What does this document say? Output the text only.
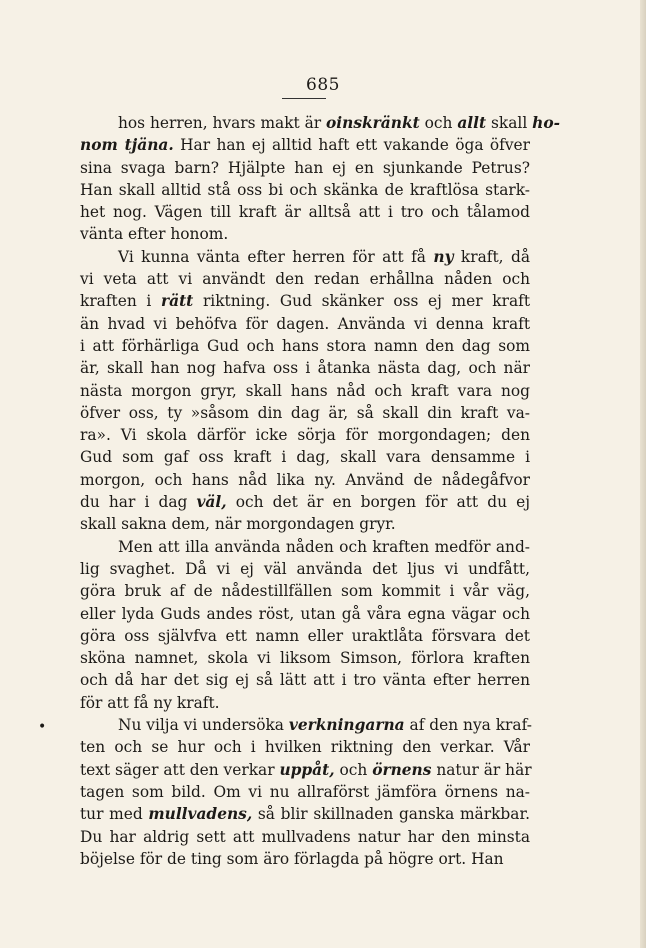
685
•

hos herren, hvars makt är oinskränkt och allt skall ho-
nom tjäna. Har han ej alltid haft ett vakande öga öfver
sina svaga barn? Hjälpte han ej en sjunkande Petrus?
Han skall alltid stå oss bi och skänka de kraftlösa stark-
het nog. Vägen till kraft är alltså att i tro och tålamod
vänta efter honom.

Vi kunna vänta efter herren för att få ny kraft, då
vi veta att vi användt den redan erhållna nåden och
kraften i rätt riktning. Gud skänker oss ej mer kraft
än hvad vi behöfva för dagen. Använda vi denna kraft
i att förhärliga Gud och hans stora namn den dag som
är, skall han nog hafva oss i åtanka nästa dag, och när
nästa morgon gryr, skall hans nåd och kraft vara nog
öfver oss, ty »såsom din dag är, så skall din kraft va-
ra». Vi skola därför icke sörja för morgondagen; den
Gud som gaf oss kraft i dag, skall vara densamme i
morgon, och hans nåd lika ny. Använd de nådegåfvor
du har i dag väl, och det är en borgen för att du ej
skall sakna dem, när morgondagen gryr.

Men att illa använda nåden och kraften medför and-
lig svaghet. Då vi ej väl använda det ljus vi undfått,
göra bruk af de nådestillfällen som kommit i vår väg,
eller lyda Guds andes röst, utan gå våra egna vägar och
göra oss självfva ett namn eller uraktlåta försvara det
sköna namnet, skola vi liksom Simson, förlora kraften
och då har det sig ej så lätt att i tro vänta efter herren
för att få ny kraft.

Nu vilja vi undersöka verkningarna af den nya kraf-
ten och se hur och i hvilken riktning den verkar. Vår
text säger att den verkar uppåt, och örnens natur är här
tagen som bild. Om vi nu allraförst jämföra örnens na-
tur med mullvadens, så blir skillnaden ganska märkbar.
Du har aldrig sett att mullvadens natur har den minsta
böjelse för de ting som äro förlagda på högre ort. Han
